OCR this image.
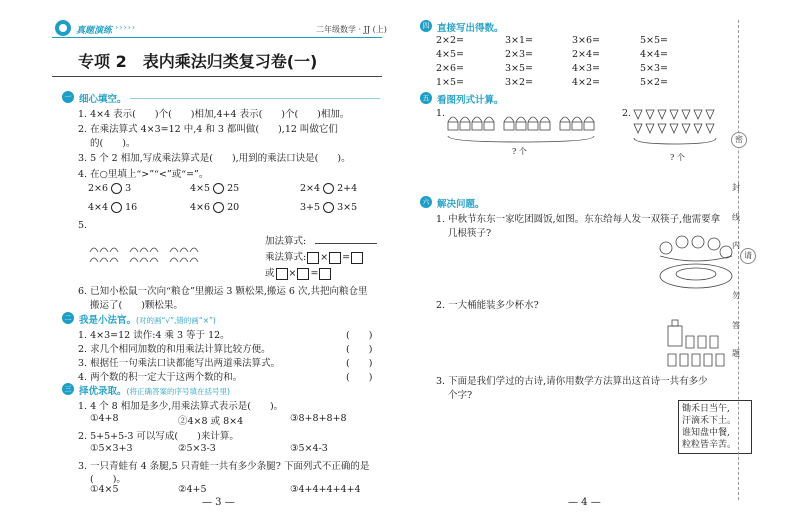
真题演练 ›››››	二年级数学 · JJ (上)
专项 2　表内乘法归类复习卷(一)
一 细心填空。
1. 4×4 表示(　　)个(　　)相加,4+4 表示(　　)个(　　)相加。
2. 在乘法算式 4×3=12 中,4 和 3 都叫做(　　),12 叫做它们
的(　　)。
3. 5 个 2 相加,写成乘法算式是(　　),用到的乘法口诀是(　　)。
4. 在○里填上“>”“<”或“=”。
2×6 3	4×5 25	2×4 2+4
4×4 16	4×6 20	3+5 3×5
5.
加法算式:
乘法算式: × =
或 × =
6. 已知小松鼠一次向“粮仓”里搬运 3 颗松果,搬运 6 次,共把向粮仓里
搬运了(　　)颗松果。
二 我是小法官。(对的画“√”,错的画“×”)
1. 4×3=12 读作:4 乘 3 等于 12。	(　　)
2. 求几个相同加数的和用乘法计算比较方便。	(　　)
3. 根据任一句乘法口诀都能写出两道乘法算式。	(　　)
4. 两个数的积一定大于这两个数的和。	(　　)
三 择优录取。(将正确答案的序号填在括号里)
1. 4 个 8 相加是多少,用乘法算式表示是(　　)。
①4+8	②4×8 或 8×4	③8+8+8+8
2. 5+5+5-3 可以写成(　　)来计算。
①5×3+3	②5×3-3	③5×4-3
3. 一只青蛙有 4 条腿,5 只青蛙一共有多少条腿? 下面列式不正确的是
(　　)。
①4×5	②4+5	③4+4+4+4+4
— 3 —
四 直接写出得数。
2×2=	3×1=	3×6=	5×5=
4×5=	2×3=	2×4=	4×4=
2×6=	3×5=	4×3=	5×3=
1×5=	3×2=	4×2=	5×2=
五 看图列式计算。
1.
? 个
2.
? 个
六 解决问题。
1. 中秋节东东一家吃团圆饭,如图。东东给每人发一双筷子,他需要拿
几根筷子?
2. 一大桶能装多少杯水?
3. 下面是我们学过的古诗,请你用数学方法算出这首诗一共有多少
个字?
— 4 —
锄禾日当午,
汗滴禾下土。
谁知盘中餐,
粒粒皆辛苦。
密
封
线
内
请
勿
答
题
